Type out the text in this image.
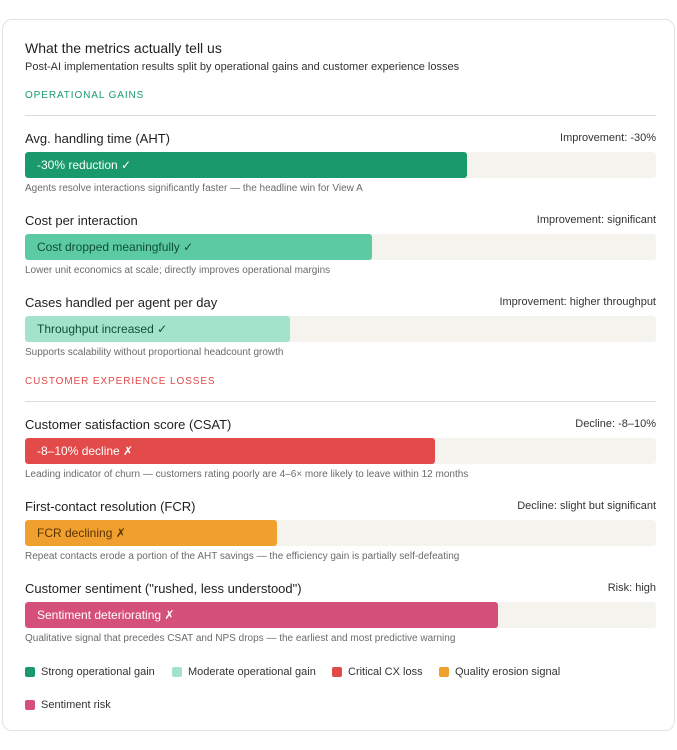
What the metrics actually tell us
Post-AI implementation results split by operational gains and customer experience losses
OPERATIONAL GAINS
Avg. handling time (AHT)	Improvement: -30%
-30% reduction ✓
Agents resolve interactions significantly faster — the headline win for View A
Cost per interaction	Improvement: significant
Cost dropped meaningfully ✓
Lower unit economics at scale; directly improves operational margins
Cases handled per agent per day	Improvement: higher throughput
Throughput increased ✓
Supports scalability without proportional headcount growth
CUSTOMER EXPERIENCE LOSSES
Customer satisfaction score (CSAT)	Decline: -8–10%
-8–10% decline ✗
Leading indicator of churn — customers rating poorly are 4–6× more likely to leave within 12 months
First-contact resolution (FCR)	Decline: slight but significant
FCR declining ✗
Repeat contacts erode a portion of the AHT savings — the efficiency gain is partially self-defeating
Customer sentiment ("rushed, less understood")	Risk: high
Sentiment deteriorating ✗
Qualitative signal that precedes CSAT and NPS drops — the earliest and most predictive warning
Strong operational gain	Moderate operational gain	Critical CX loss	Quality erosion signal
Sentiment risk
